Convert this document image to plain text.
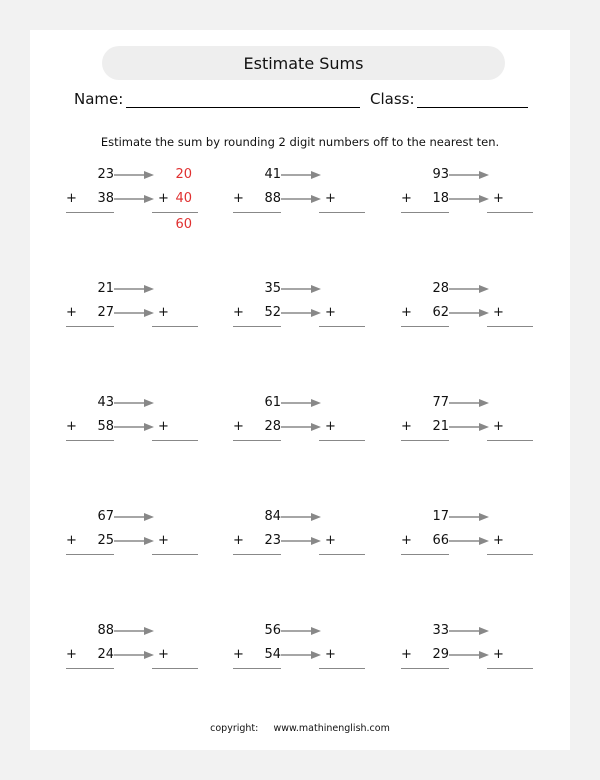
Estimate Sums
Name:	Class:
Estimate the sum by rounding 2 digit numbers off to the nearest ten.
23
+	38	+
20
40
60
41
+	88	+
93
+	18	+
21
+	27	+
35
+	52	+
28
+	62	+
43
+	58	+
61
+	28	+
77
+	21	+
67
+	25	+
84
+	23	+
17
+	66	+
88
+	24	+
56
+	54	+
33
+	29	+
copyright: www.mathinenglish.com
